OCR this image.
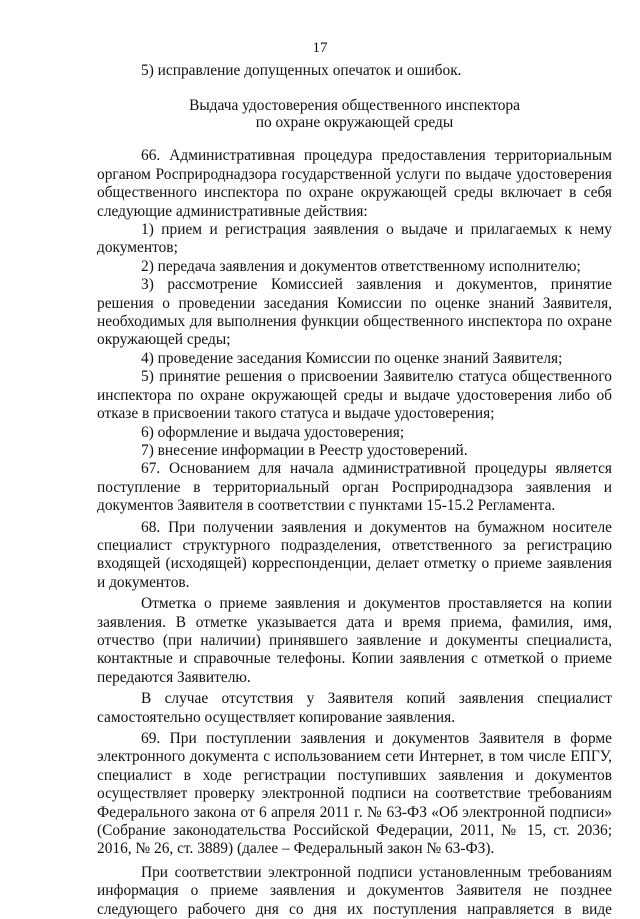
17

5) исправление допущенных опечаток и ошибок.

Выдача удостоверения общественного инспектора
по охране окружающей среды

66. Административная процедура предоставления территориальным органом Росприроднадзора государственной услуги по выдаче удостоверения общественного инспектора по охране окружающей среды включает в себя следующие административные действия:

1) прием и регистрация заявления о выдаче и прилагаемых к нему документов;

2) передача заявления и документов ответственному исполнителю;

3) рассмотрение Комиссией заявления и документов, принятие решения о проведении заседания Комиссии по оценке знаний Заявителя, необходимых для выполнения функции общественного инспектора по охране окружающей среды;

4) проведение заседания Комиссии по оценке знаний Заявителя;

5) принятие решения о присвоении Заявителю статуса общественного инспектора по охране окружающей среды и выдаче удостоверения либо об отказе в присвоении такого статуса и выдаче удостоверения;

6) оформление и выдача удостоверения;

7) внесение информации в Реестр удостоверений.

67. Основанием для начала административной процедуры является поступление в территориальный орган Росприроднадзора заявления и документов Заявителя в соответствии с пунктами 15-15.2 Регламента.

68. При получении заявления и документов на бумажном носителе специалист структурного подразделения, ответственного за регистрацию входящей (исходящей) корреспонденции, делает отметку о приеме заявления и документов.

Отметка о приеме заявления и документов проставляется на копии заявления. В отметке указывается дата и время приема, фамилия, имя, отчество (при наличии) принявшего заявление и документы специалиста, контактные и справочные телефоны. Копии заявления с отметкой о приеме передаются Заявителю.

В случае отсутствия у Заявителя копий заявления специалист самостоятельно осуществляет копирование заявления.

69. При поступлении заявления и документов Заявителя в форме электронного документа с использованием сети Интернет, в том числе ЕПГУ, специалист в ходе регистрации поступивших заявления и документов осуществляет проверку электронной подписи на соответствие требованиям Федерального закона от 6 апреля 2011 г. № 63-ФЗ «Об электронной подписи» (Собрание законодательства Российской Федерации, 2011, № 15, ст. 2036; 2016, № 26, ст. 3889) (далее – Федеральный закон № 63-ФЗ).

При соответствии электронной подписи установленным требованиям информация о приеме заявления и документов Заявителя не позднее следующего рабочего дня со дня их поступления направляется в виде
